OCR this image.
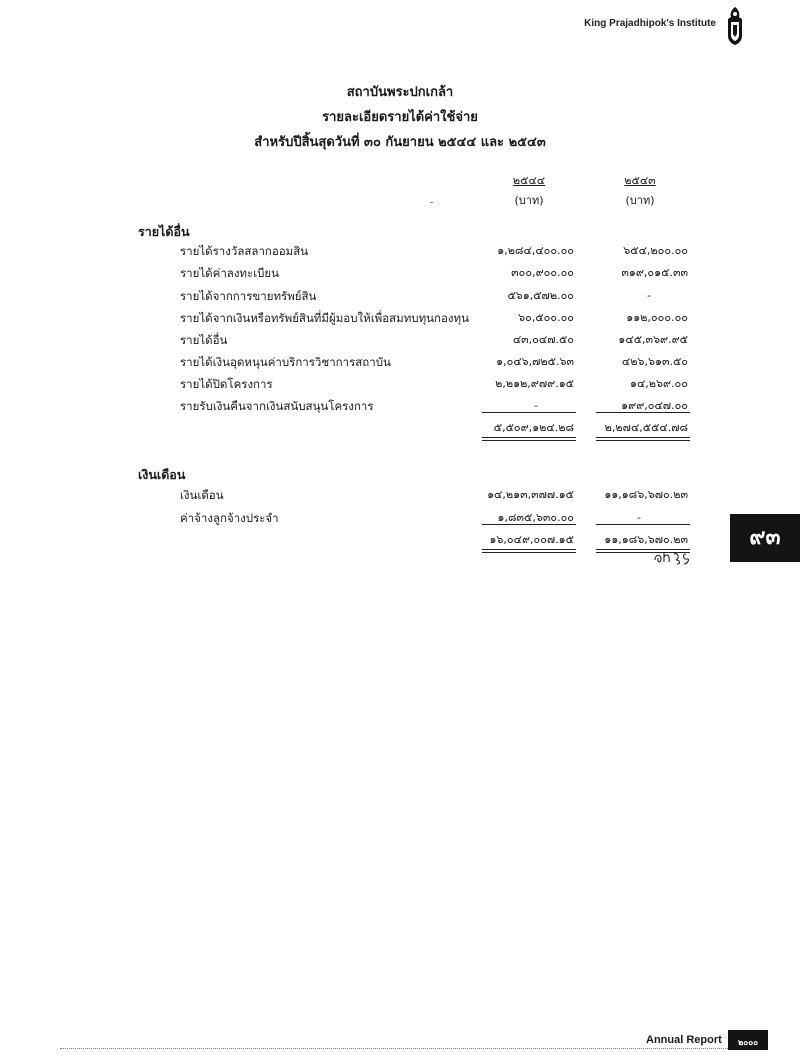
King Prajadhipok's Institute
สถาบันพระปกเกล้า
รายละเอียดรายได้ค่าใช้จ่าย
สำหรับปีสิ้นสุดวันที่ ๓๐ กันยายน ๒๕๔๔ และ ๒๕๔๓
๒๕๔๔
(บาท)
๒๕๔๓
(บาท)
รายได้อื่น
รายได้รางวัลสลากออมสิน	๑,๒๘๔,๔๐๐.๐๐	๖๕๔,๒๐๐.๐๐
รายได้ค่าลงทะเบียน	๓๐๐,๙๐๐.๐๐	๓๑๙,๐๑๕.๓๓
รายได้จากการขายทรัพย์สิน	๕๖๑,๕๗๒.๐๐	-
รายได้จากเงินหรือทรัพย์สินที่มีผู้มอบให้เพื่อสมทบทุนกองทุน	๖๐,๕๐๐.๐๐	๑๑๒,๐๐๐.๐๐
รายได้อื่น	๔๓,๐๔๗.๕๐	๑๔๕,๓๖๙.๙๕
รายได้เงินอุดหนุนค่าบริการวิชาการสถาบัน	๑,๐๔๖,๗๒๕.๖๓	๔๒๖,๖๑๓.๕๐
รายได้ปิดโครงการ	๒,๒๑๒,๙๗๙.๑๕	๑๔,๒๖๙.๐๐
รายรับเงินคืนจากเงินสนับสนุนโครงการ	-	๑๙๙,๐๔๗.๐๐
๕,๕๐๙,๑๒๔.๒๘	๒,๒๗๔,๕๕๔.๗๘
เงินเดือน
เงินเดือน	๑๔,๒๑๓,๓๗๗.๑๕	๑๑,๑๘๖,๖๗๐.๒๓
ค่าจ้างลูกจ้างประจำ	๑,๘๓๕,๖๓๐.๐๐	-
๑๖,๐๔๙,๐๐๗.๑๕	๑๑,๑๘๖,๖๗๐.๒๓	๙๓
Annual Report	๒๐๐๐
